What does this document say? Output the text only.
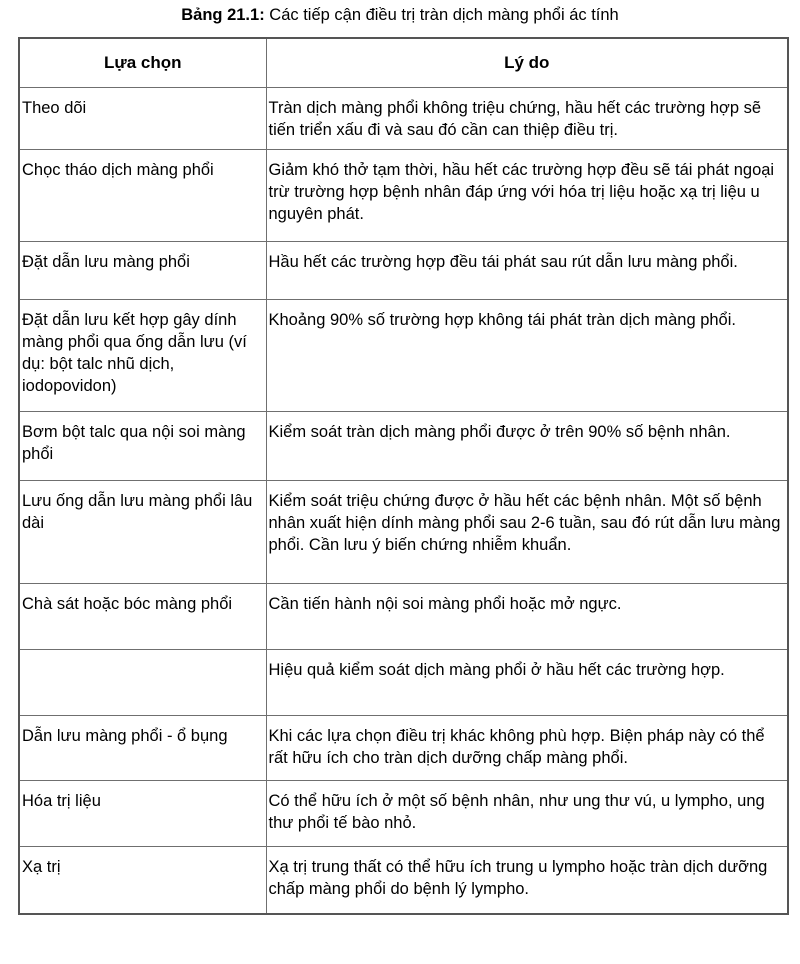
Bảng 21.1: Các tiếp cận điều trị tràn dịch màng phổi ác tính
Lựa chọn	Lý do
Theo dõi	Tràn dịch màng phổi không triệu chứng, hầu hết các trường hợp sẽ tiến triển xấu đi và sau đó cần can thiệp điều trị.
Chọc tháo dịch màng phổi	Giảm khó thở tạm thời, hầu hết các trường hợp đều sẽ tái phát ngoại trừ trường hợp bệnh nhân đáp ứng với hóa trị liệu hoặc xạ trị liệu u nguyên phát.
Đặt dẫn lưu màng phổi	Hầu hết các trường hợp đều tái phát sau rút dẫn lưu màng phổi.
Đặt dẫn lưu kết hợp gây dính màng phổi qua ống dẫn lưu (ví dụ: bột talc nhũ dịch, iodopovidon)	Khoảng 90% số trường hợp không tái phát tràn dịch màng phổi.
Bơm bột talc qua nội soi màng phổi	Kiểm soát tràn dịch màng phổi được ở trên 90% số bệnh nhân.
Lưu ống dẫn lưu màng phổi lâu dài	Kiểm soát triệu chứng được ở hầu hết các bệnh nhân. Một số bệnh nhân xuất hiện dính màng phổi sau 2-6 tuần, sau đó rút dẫn lưu màng phổi. Cần lưu ý biến chứng nhiễm khuẩn.
Chà sát hoặc bóc màng phổi	Cần tiến hành nội soi màng phổi hoặc mở ngực.
	Hiệu quả kiểm soát dịch màng phổi ở hầu hết các trường hợp.
Dẫn lưu màng phổi - ổ bụng	Khi các lựa chọn điều trị khác không phù hợp. Biện pháp này có thể rất hữu ích cho tràn dịch dưỡng chấp màng phổi.
Hóa trị liệu	Có thể hữu ích ở một số bệnh nhân, như ung thư vú, u lympho, ung thư phổi tế bào nhỏ.
Xạ trị	Xạ trị trung thất có thể hữu ích trung u lympho hoặc tràn dịch dưỡng chấp màng phổi do bệnh lý lympho.
